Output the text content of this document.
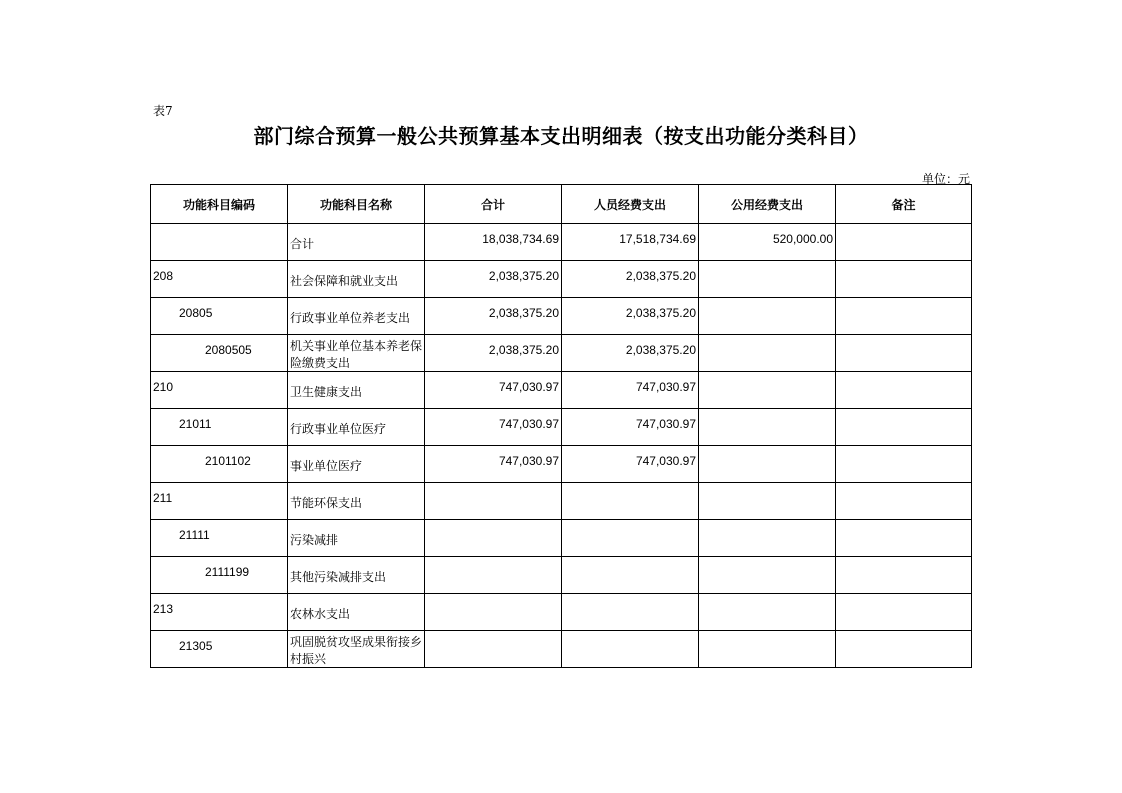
表7
部门综合预算一般公共预算基本支出明细表（按支出功能分类科目）
单位：元
功能科目编码	功能科目名称	合计	人员经费支出	公用经费支出	备注
	合计	18,038,734.69	17,518,734.69	520,000.00	
208	社会保障和就业支出	2,038,375.20	2,038,375.20		
20805	行政事业单位养老支出	2,038,375.20	2,038,375.20		
2080505	机关事业单位基本养老保险缴费支出	2,038,375.20	2,038,375.20		
210	卫生健康支出	747,030.97	747,030.97		
21011	行政事业单位医疗	747,030.97	747,030.97		
2101102	事业单位医疗	747,030.97	747,030.97		
211	节能环保支出				
21111	污染减排				
2111199	其他污染减排支出				
213	农林水支出				
21305	巩固脱贫攻坚成果衔接乡村振兴				
